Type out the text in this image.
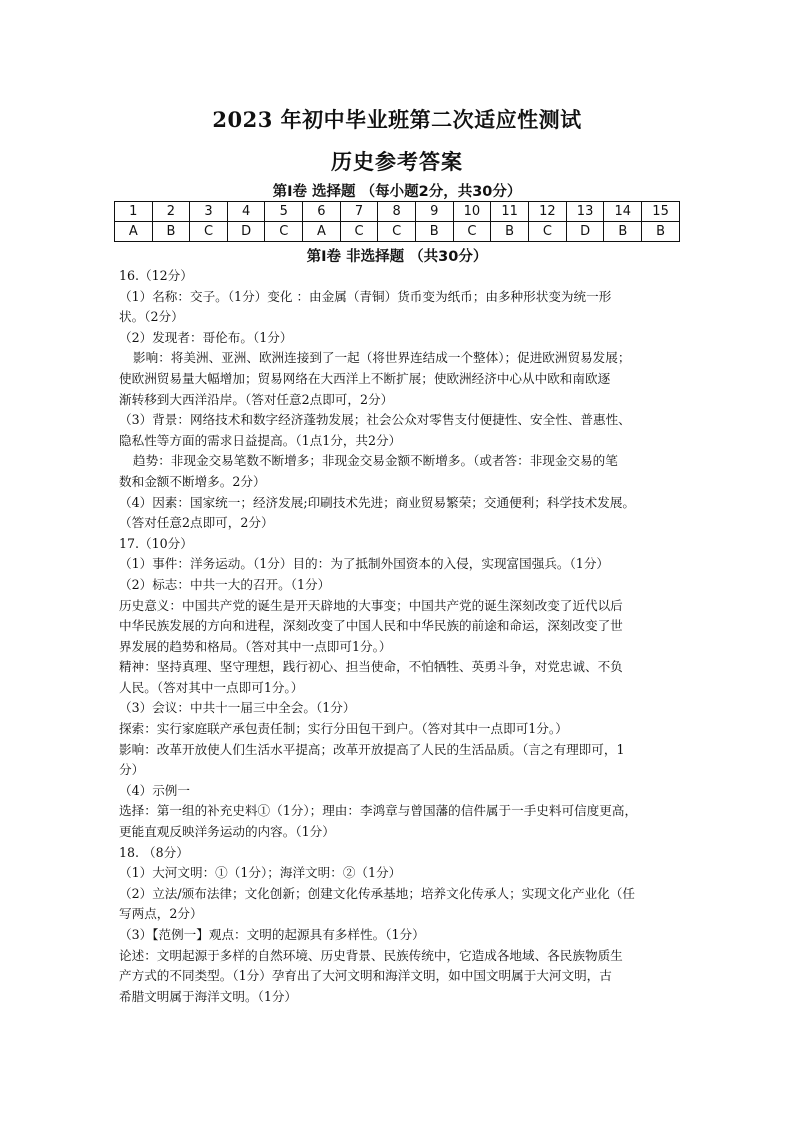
2023 年初中毕业班第二次适应性测试
历史参考答案
第Ⅰ卷 选择题 （每小题2分，共30分）
1	2	3	4	5	6	7	8	9	10	11	12	13	14	15
A	B	C	D	C	A	C	C	B	C	B	C	D	B	B
第Ⅰ卷 非选择题 （共30分）

16.（12分）

（1）名称：交子。（1分）变化 ：由金属（青铜）货币变为纸币；由多种形状变为统一形

状。（2分）

（2）发现者：哥伦布。（1分）

影响：将美洲、亚洲、欧洲连接到了一起（将世界连结成一个整体）；促进欧洲贸易发展；

使欧洲贸易量大幅增加；贸易网络在大西洋上不断扩展；使欧洲经济中心从中欧和南欧逐

渐转移到大西洋沿岸。（答对任意2点即可，2分）

（3）背景：网络技术和数字经济蓬勃发展；社会公众对零售支付便捷性、安全性、普惠性、

隐私性等方面的需求日益提高。（1点1分，共2分）

趋势：非现金交易笔数不断增多；非现金交易金额不断增多。（或者答：非现金交易的笔

数和金额不断增多。2分）

（4）因素：国家统一；经济发展;印刷技术先进；商业贸易繁荣；交通便利；科学技术发展。

（答对任意2点即可，2分）

17.（10分）

（1）事件：洋务运动。（1分）目的：为了抵制外国资本的入侵，实现富国强兵。（1分）

（2）标志：中共一大的召开。（1分）

历史意义：中国共产党的诞生是开天辟地的大事变；中国共产党的诞生深刻改变了近代以后

中华民族发展的方向和进程，深刻改变了中国人民和中华民族的前途和命运，深刻改变了世

界发展的趋势和格局。（答对其中一点即可1分。）

精神：坚持真理、坚守理想，践行初心、担当使命，不怕牺牲、英勇斗争，对党忠诚、不负

人民。（答对其中一点即可1分。）

（3）会议：中共十一届三中全会。（1分）

探索：实行家庭联产承包责任制；实行分田包干到户。（答对其中一点即可1分。）

影响：改革开放使人们生活水平提高；改革开放提高了人民的生活品质。（言之有理即可，1

分）

（4）示例一

选择：第一组的补充史料①（1分）；理由：李鸿章与曾国藩的信件属于一手史料可信度更高，

更能直观反映洋务运动的内容。（1分）

18. （8分）

（1）大河文明：①（1分）；海洋文明：②（1分）

（2）立法/颁布法律；文化创新；创建文化传承基地；培养文化传承人；实现文化产业化（任

写两点，2分）

（3）【范例一】观点：文明的起源具有多样性。（1分）

论述：文明起源于多样的自然环境、历史背景、民族传统中，它造成各地域、各民族物质生

产方式的不同类型。（1分）孕育出了大河文明和海洋文明，如中国文明属于大河文明，古

希腊文明属于海洋文明。（1分）
